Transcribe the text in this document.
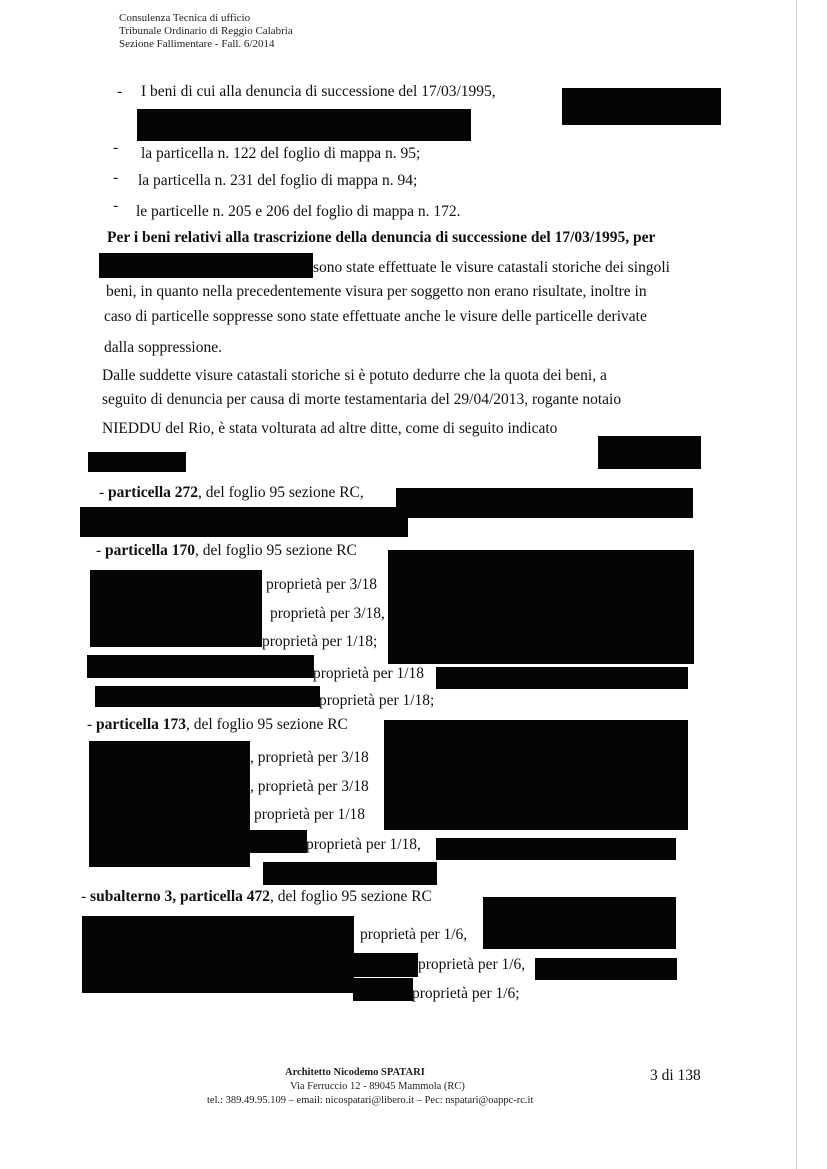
Consulenza Tecnica di ufficio
Tribunale Ordinario di Reggio Calabria
Sezione Fallimentare - Fall. 6/2014
- I beni di cui alla denuncia di successione del 17/03/1995,
- la particella n. 122 del foglio di mappa n. 95;
- la particella n. 231 del foglio di mappa n. 94;
- le particelle n. 205 e 206 del foglio di mappa n. 172.
Per i beni relativi alla trascrizione della denuncia di successione del 17/03/1995, per
sono state effettuate le visure catastali storiche dei singoli
beni, in quanto nella precedentemente visura per soggetto non erano risultate, inoltre in
caso di particelle soppresse sono state effettuate anche le visure delle particelle derivate
dalla soppressione.
Dalle suddette visure catastali storiche si è potuto dedurre che la quota dei beni, a
seguito di denuncia per causa di morte testamentaria del 29/04/2013, rogante notaio
NIEDDU del Rio, è stata volturata ad altre ditte, come di seguito indicato
- particella 272, del foglio 95 sezione RC,
- particella 170, del foglio 95 sezione RC
proprietà per 3/18
proprietà per 3/18,
proprietà per 1/18;
proprietà per 1/18
proprietà per 1/18;
- particella 173, del foglio 95 sezione RC
, proprietà per 3/18
, proprietà per 3/18
proprietà per 1/18
proprietà per 1/18,
- subalterno 3, particella 472, del foglio 95 sezione RC
proprietà per 1/6,
proprietà per 1/6,
proprietà per 1/6;
Architetto Nicodemo SPATARI
Via Ferruccio 12 - 89045 Mammola (RC)
tel.: 389.49.95.109 – email: nicospatari@libero.it – Pec: nspatari@oappc-rc.it
3 di 138
